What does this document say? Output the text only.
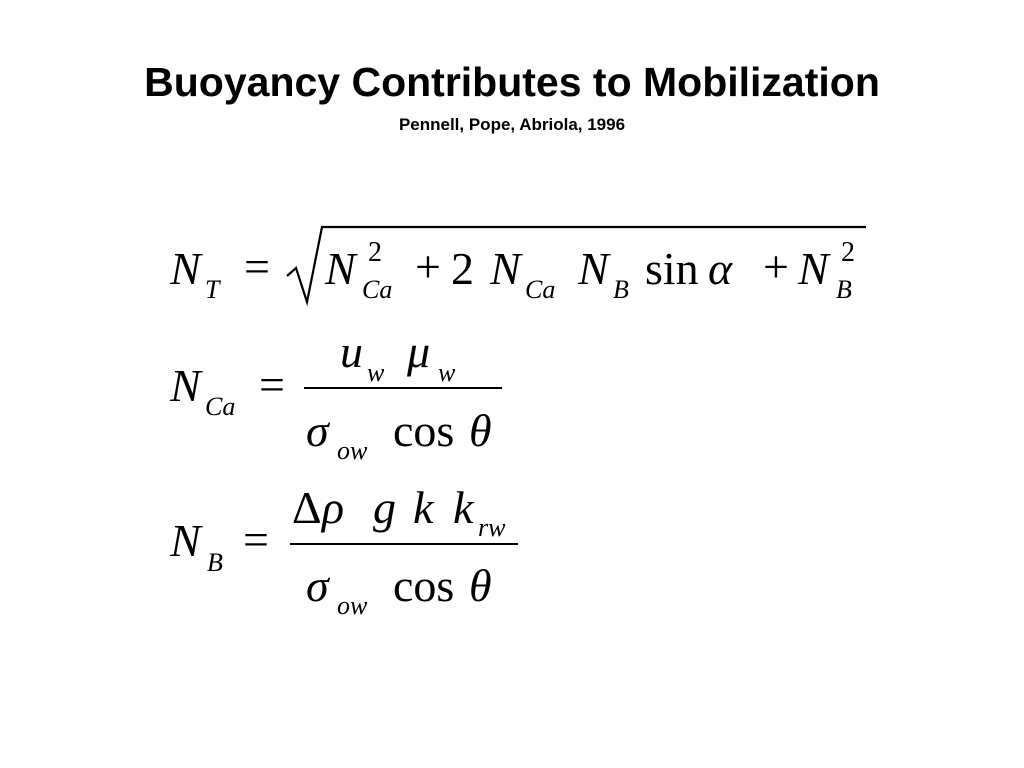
Buoyancy Contributes to Mobilization
Pennell, Pope, Abriola, 1996
N T = N 2
Ca + 2 N Ca N B sin α + N 2
B
N Ca =
u w μ w
σ ow cos θ
N B =
Δ ρ g k k rw
σ ow cos θ
